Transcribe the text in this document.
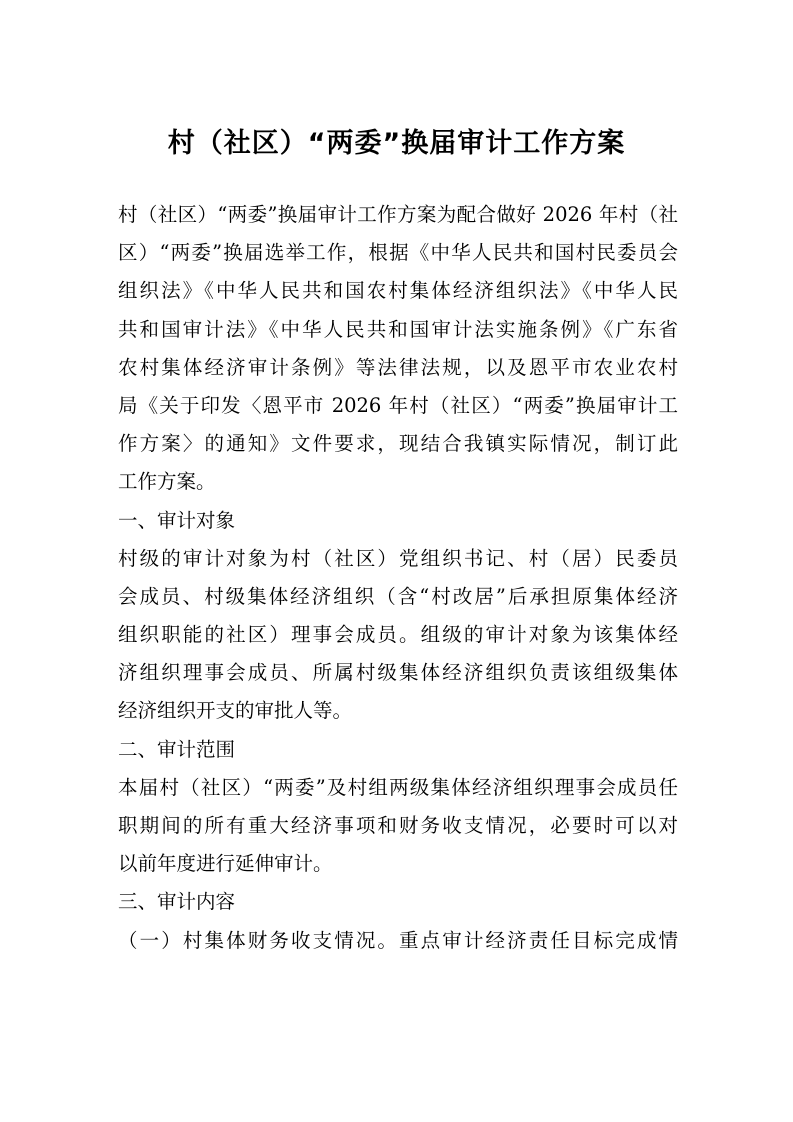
村（社区）“两委”换届审计工作方案
村（社区）“两委”换届审计工作方案为配合做好 2026 年村（社
区）“两委”换届选举工作，根据《中华人民共和国村民委员会
组织法》《中华人民共和国农村集体经济组织法》《中华人民
共和国审计法》《中华人民共和国审计法实施条例》《广东省
农村集体经济审计条例》等法律法规，以及恩平市农业农村
局《关于印发〈恩平市 2026 年村（社区）“两委”换届审计工
作方案〉的通知》文件要求，现结合我镇实际情况，制订此
工作方案。
一、审计对象
村级的审计对象为村（社区）党组织书记、村（居）民委员
会成员、村级集体经济组织（含“村改居”后承担原集体经济
组织职能的社区）理事会成员。组级的审计对象为该集体经
济组织理事会成员、所属村级集体经济组织负责该组级集体
经济组织开支的审批人等。
二、审计范围
本届村（社区）“两委”及村组两级集体经济组织理事会成员任
职期间的所有重大经济事项和财务收支情况，必要时可以对
以前年度进行延伸审计。
三、审计内容
（一）村集体财务收支情况。重点审计经济责任目标完成情
